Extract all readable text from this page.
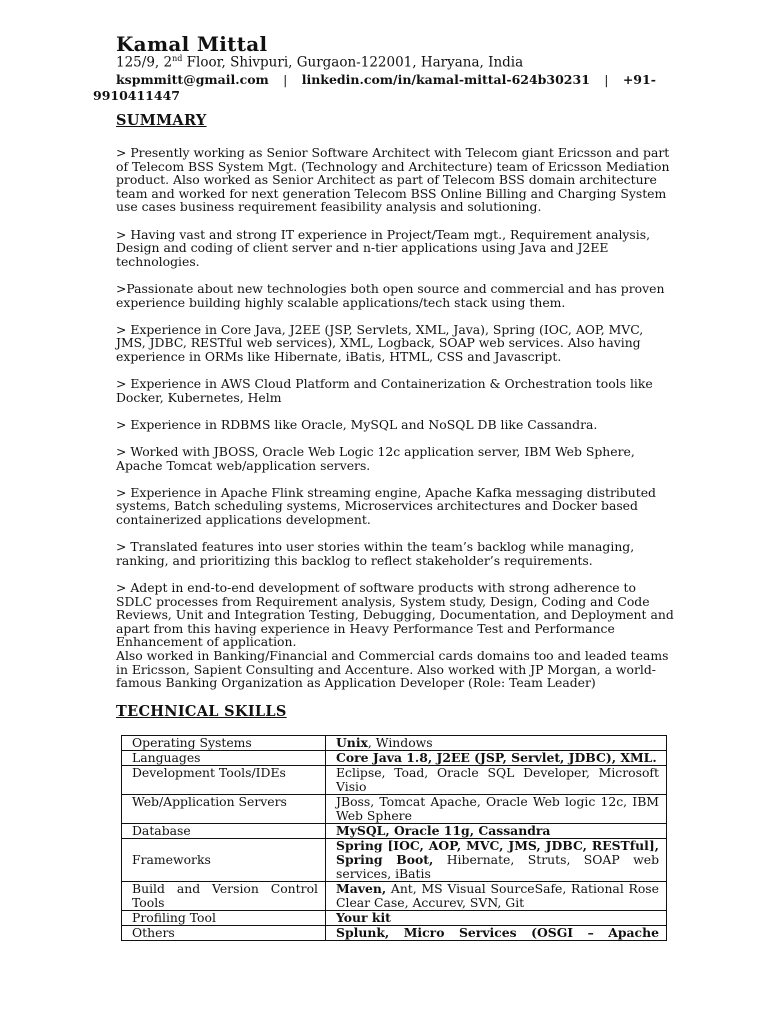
Kamal Mittal
125/9, 2nd Floor, Shivpuri, Gurgaon-122001, Haryana, India
kspmmitt@gmail.com | linkedin.com/in/kamal-mittal-624b30231 | +91-
9910411447
SUMMARY

> Presently working as Senior Software Architect with Telecom giant Ericsson and part of Telecom BSS System Mgt. (Technology and Architecture) team of Ericsson Mediation product. Also worked as Senior Architect as part of Telecom BSS domain architecture team and worked for next generation Telecom BSS Online Billing and Charging System use cases business requirement feasibility analysis and solutioning.

> Having vast and strong IT experience in Project/Team mgt., Requirement analysis, Design and coding of client server and n-tier applications using Java and J2EE technologies.

>Passionate about new technologies both open source and commercial and has proven experience building highly scalable applications/tech stack using them.

> Experience in Core Java, J2EE (JSP, Servlets, XML, Java), Spring (IOC, AOP, MVC, JMS, JDBC, RESTful web services), XML, Logback, SOAP web services. Also having experience in ORMs like Hibernate, iBatis, HTML, CSS and Javascript.

> Experience in AWS Cloud Platform and Containerization & Orchestration tools like Docker, Kubernetes, Helm

> Experience in RDBMS like Oracle, MySQL and NoSQL DB like Cassandra.

> Worked with JBOSS, Oracle Web Logic 12c application server, IBM Web Sphere, Apache Tomcat web/application servers.

> Experience in Apache Flink streaming engine, Apache Kafka messaging distributed systems, Batch scheduling systems, Microservices architectures and Docker based containerized applications development.

> Translated features into user stories within the team’s backlog while managing, ranking, and prioritizing this backlog to reflect stakeholder’s requirements.

> Adept in end-to-end development of software products with strong adherence to SDLC processes from Requirement analysis, System study, Design, Coding and Code Reviews, Unit and Integration Testing, Debugging, Documentation, and Deployment and apart from this having experience in Heavy Performance Test and Performance Enhancement of application.

Also worked in Banking/Financial and Commercial cards domains too and leaded teams in Ericsson, Sapient Consulting and Accenture. Also worked with JP Morgan, a world-famous Banking Organization as Application Developer (Role: Team Leader)

TECHNICAL SKILLS
Operating Systems	Unix, Windows
Languages	Core Java 1.8, J2EE (JSP, Servlet, JDBC), XML.
Development Tools/IDEs	Eclipse, Toad, Oracle SQL Developer, Microsoft Visio
Web/Application Servers	JBoss, Tomcat Apache, Oracle Web logic 12c, IBM Web Sphere
Database	MySQL, Oracle 11g, Cassandra
Frameworks	Spring [IOC, AOP, MVC, JMS, JDBC, RESTful], Spring Boot, Hibernate, Struts, SOAP web services, iBatis
Build and Version Control Tools	Maven, Ant, MS Visual SourceSafe, Rational Rose Clear Case, Accurev, SVN, Git
Profiling Tool	Your kit
Others	Splunk, Micro Services (OSGI – Apache
